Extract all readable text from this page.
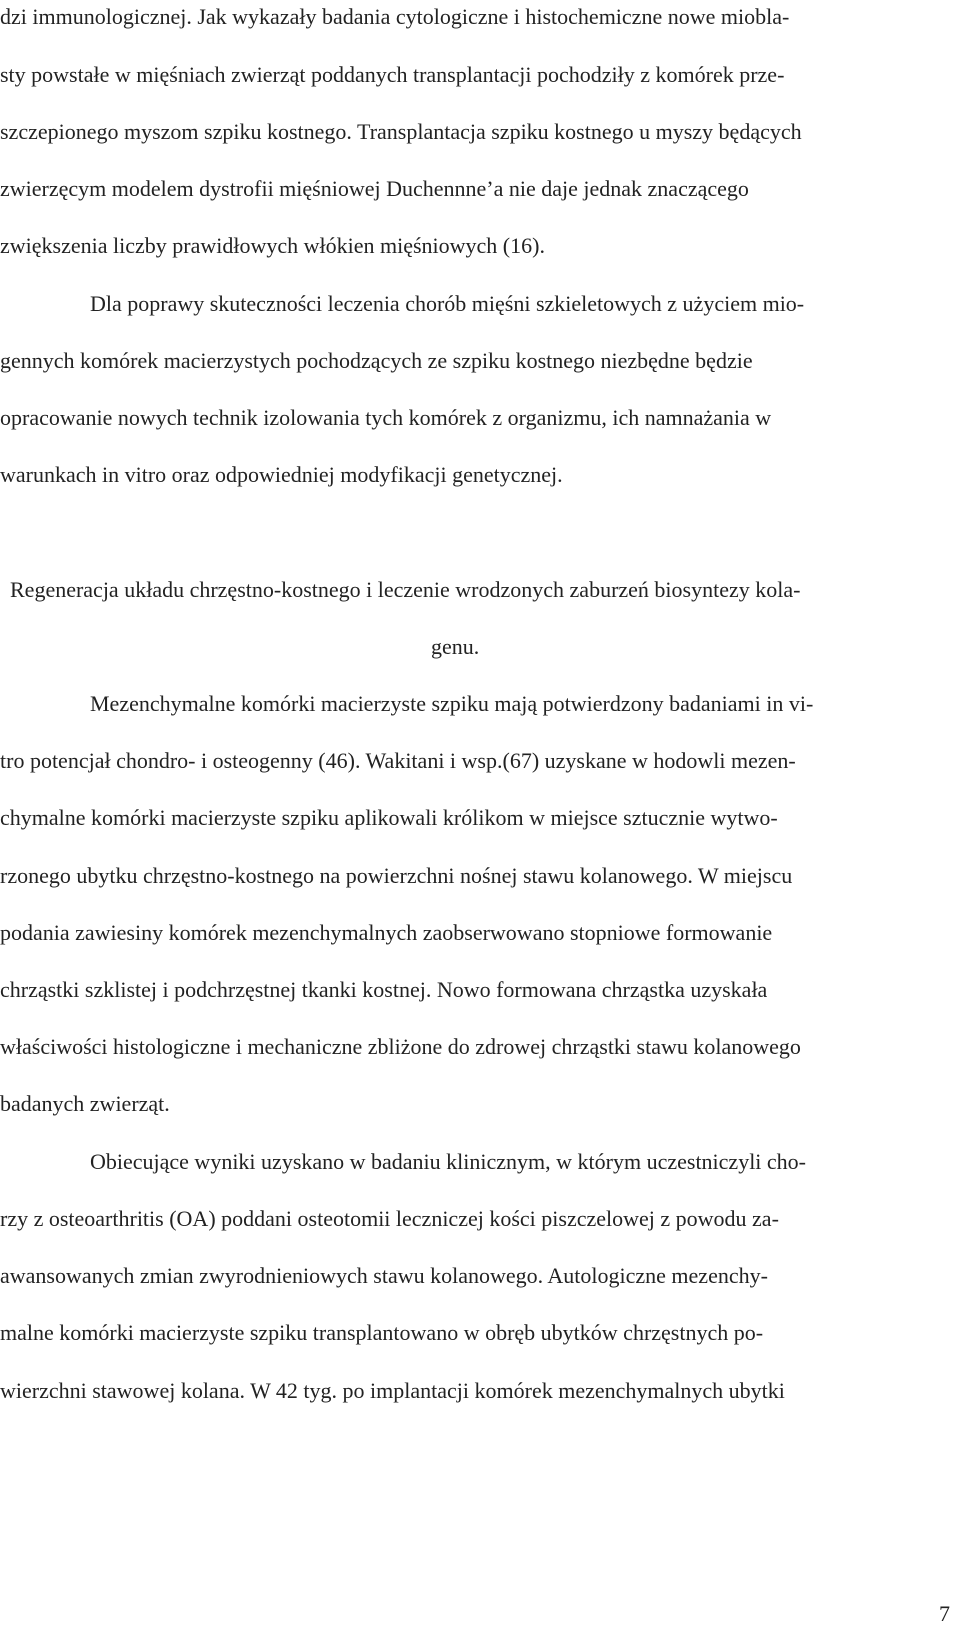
dzi immunologicznej. Jak wykazały badania cytologiczne i histochemiczne nowe miobla-
sty powstałe w mięśniach zwierząt poddanych transplantacji pochodziły z komórek prze-
szczepionego myszom szpiku kostnego. Transplantacja szpiku kostnego u myszy będących
zwierzęcym modelem dystrofii mięśniowej Duchennne’a nie daje jednak znaczącego
zwiększenia liczby prawidłowych włókien mięśniowych (16).
Dla poprawy skuteczności leczenia chorób mięśni szkieletowych z użyciem mio-
gennych komórek macierzystych pochodzących ze szpiku kostnego niezbędne będzie
opracowanie nowych technik izolowania tych komórek z organizmu, ich namnażania w
warunkach in vitro oraz odpowiedniej modyfikacji genetycznej.
Regeneracja układu chrzęstno-kostnego i leczenie wrodzonych zaburzeń biosyntezy kola-
genu.
Mezenchymalne komórki macierzyste szpiku mają potwierdzony badaniami in vi-
tro potencjał chondro- i osteogenny (46). Wakitani i wsp.(67) uzyskane w hodowli mezen-
chymalne komórki macierzyste szpiku aplikowali królikom w miejsce sztucznie wytwo-
rzonego ubytku chrzęstno-kostnego na powierzchni nośnej stawu kolanowego. W miejscu
podania zawiesiny komórek mezenchymalnych zaobserwowano stopniowe formowanie
chrząstki szklistej i podchrzęstnej tkanki kostnej. Nowo formowana chrząstka uzyskała
właściwości histologiczne i mechaniczne zbliżone do zdrowej chrząstki stawu kolanowego
badanych zwierząt.
Obiecujące wyniki uzyskano w badaniu klinicznym, w którym uczestniczyli cho-
rzy z osteoarthritis (OA) poddani osteotomii leczniczej kości piszczelowej z powodu za-
awansowanych zmian zwyrodnieniowych stawu kolanowego. Autologiczne mezenchy-
malne komórki macierzyste szpiku transplantowano w obręb ubytków chrzęstnych po-
wierzchni stawowej kolana. W 42 tyg. po implantacji komórek mezenchymalnych ubytki
7
